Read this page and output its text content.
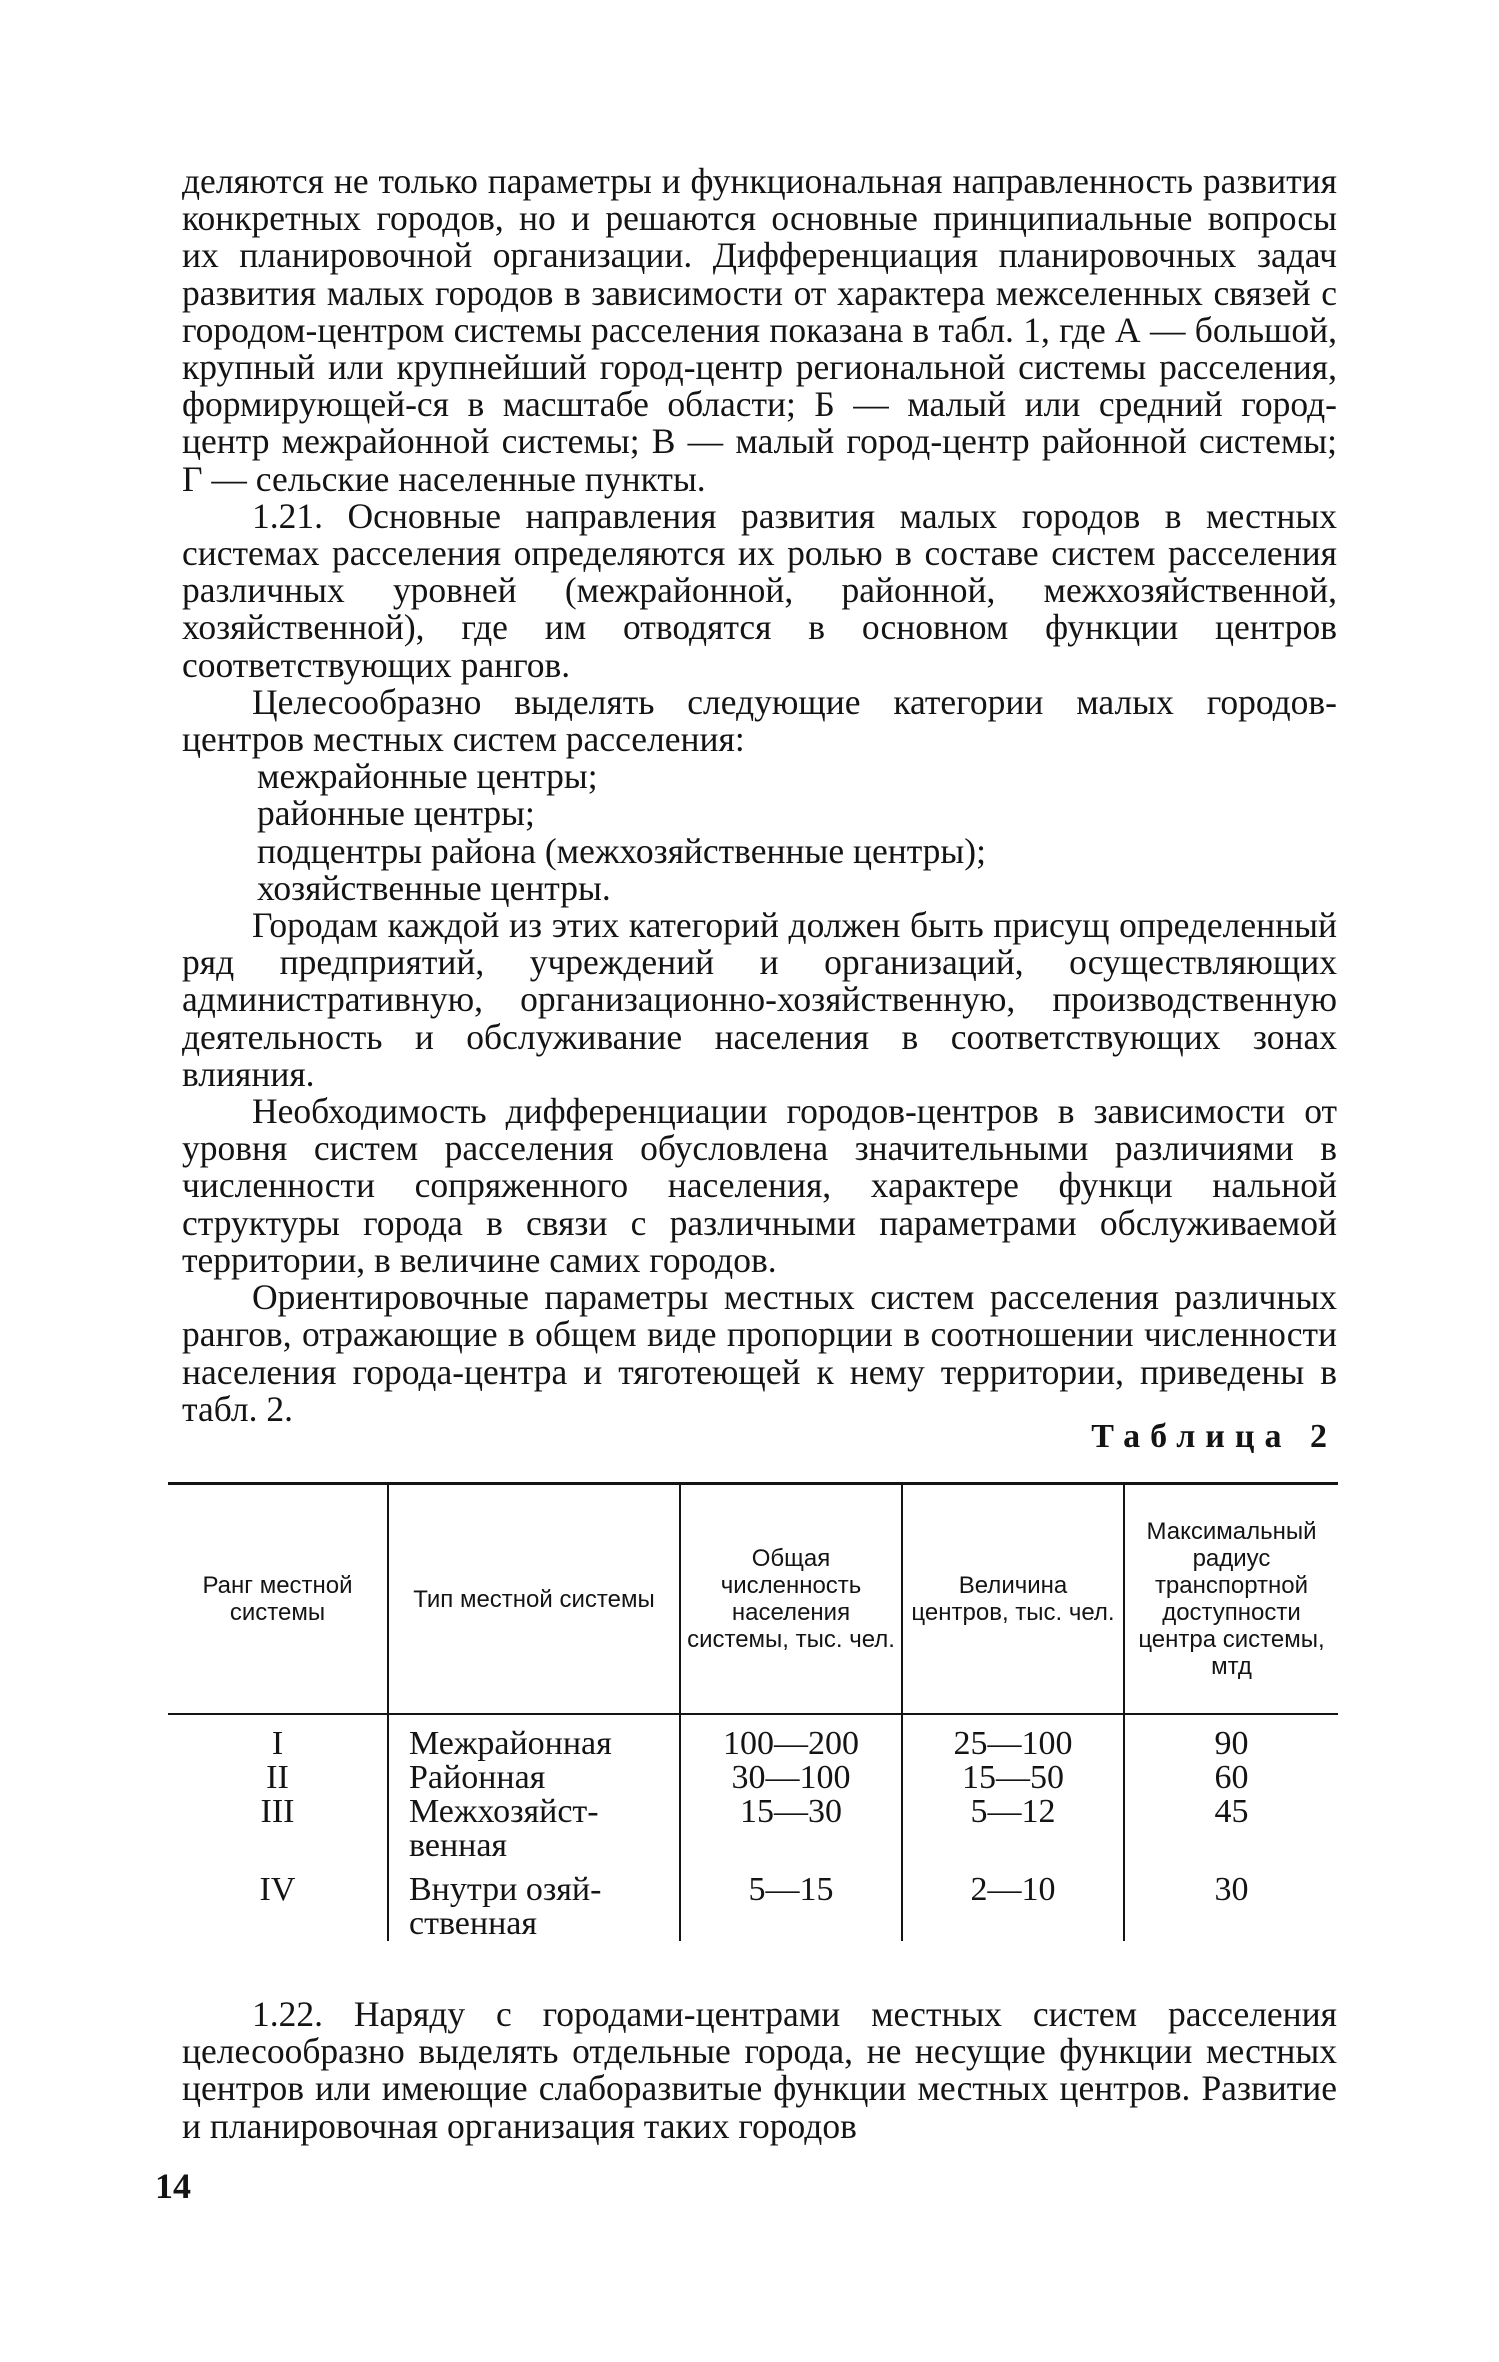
деляются не только параметры и функциональная направленность развития конкретных городов, но и решаются основные принципиальные вопросы их планировочной организации. Дифференциация планировочных задач развития малых городов в зависимости от характера межселенных связей с городом-центром системы расселения показана в табл. 1, где А — большой, крупный или крупнейший город-центр региональной системы расселения, формирующей-ся в масштабе области; Б — малый или средний город-центр межрайонной системы; В — малый город-центр районной системы; Г — сельские населенные пункты.

1.21. Основные направления развития малых городов в местных системах расселения определяются их ролью в составе систем расселения различных уровней (межрайонной, районной, межхозяйственной, хозяйственной), где им отводятся в основном функции центров соответствующих рангов.

Целесообразно выделять следующие категории малых городов-центров местных систем расселения:

межрайонные центры;

районные центры;

подцентры района (межхозяйственные центры);

хозяйственные центры.

Городам каждой из этих категорий должен быть присущ определенный ряд предприятий, учреждений и организаций, осуществляющих административную, организационно-хозяйственную, производственную деятельность и обслуживание населения в соответствующих зонах влияния.

Необходимость дифференциации городов-центров в зависимости от уровня систем расселения обусловлена значительными различиями в численности сопряженного населения, характере функци нальной структуры города в связи с различными параметрами обслуживаемой территории, в величине самих городов.

Ориентировочные параметры местных систем расселения различных рангов, отражающие в общем виде пропорции в соотношении численности населения города-центра и тяготеющей к нему территории, приведены в табл. 2.

Таблица 2
Ранг местной системы	Тип местной системы	Общая численность населения системы, тыс. чел.	Величина центров, тыс. чел.	Максимальный радиус транспортной доступности центра системы, мтд
I	Межрайонная	100—200	25—100	90
II	Районная	30—100	15—50	60
III	Межхозяйст-венная	15—30	5—12	45
IV	Внутри озяй-ственная	5—15	2—10	30

1.22. Наряду с городами-центрами местных систем расселения целесообразно выделять отдельные города, не несущие функции местных центров или имеющие слаборазвитые функции местных центров. Развитие и планировочная организация таких городов

14
